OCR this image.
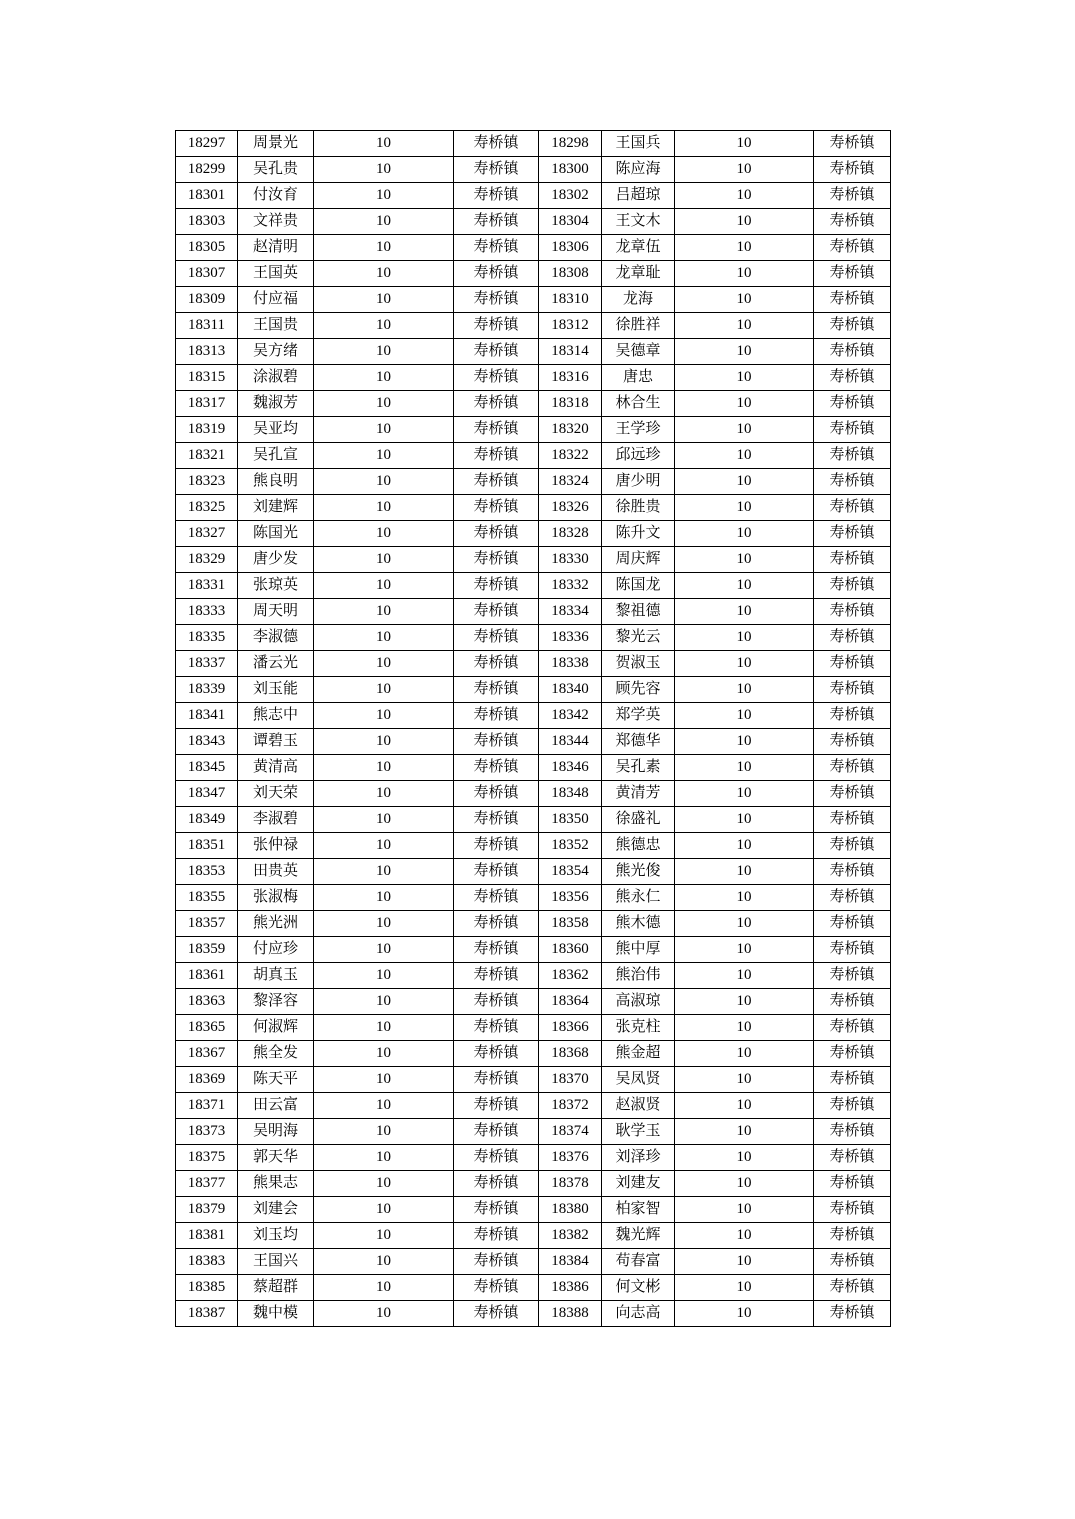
18297	周景光	10	寿桥镇	18298	王国兵	10	寿桥镇
18299	吴孔贵	10	寿桥镇	18300	陈应海	10	寿桥镇
18301	付汝育	10	寿桥镇	18302	吕超琼	10	寿桥镇
18303	文祥贵	10	寿桥镇	18304	王文木	10	寿桥镇
18305	赵清明	10	寿桥镇	18306	龙章伍	10	寿桥镇
18307	王国英	10	寿桥镇	18308	龙章耻	10	寿桥镇
18309	付应福	10	寿桥镇	18310	龙海	10	寿桥镇
18311	王国贵	10	寿桥镇	18312	徐胜祥	10	寿桥镇
18313	吴方绪	10	寿桥镇	18314	吴德章	10	寿桥镇
18315	涂淑碧	10	寿桥镇	18316	唐忠	10	寿桥镇
18317	魏淑芳	10	寿桥镇	18318	林合生	10	寿桥镇
18319	吴亚均	10	寿桥镇	18320	王学珍	10	寿桥镇
18321	吴孔宣	10	寿桥镇	18322	邱远珍	10	寿桥镇
18323	熊良明	10	寿桥镇	18324	唐少明	10	寿桥镇
18325	刘建辉	10	寿桥镇	18326	徐胜贵	10	寿桥镇
18327	陈国光	10	寿桥镇	18328	陈升文	10	寿桥镇
18329	唐少发	10	寿桥镇	18330	周庆辉	10	寿桥镇
18331	张琼英	10	寿桥镇	18332	陈国龙	10	寿桥镇
18333	周天明	10	寿桥镇	18334	黎祖德	10	寿桥镇
18335	李淑德	10	寿桥镇	18336	黎光云	10	寿桥镇
18337	潘云光	10	寿桥镇	18338	贺淑玉	10	寿桥镇
18339	刘玉能	10	寿桥镇	18340	顾先容	10	寿桥镇
18341	熊志中	10	寿桥镇	18342	郑学英	10	寿桥镇
18343	谭碧玉	10	寿桥镇	18344	郑德华	10	寿桥镇
18345	黄清高	10	寿桥镇	18346	吴孔素	10	寿桥镇
18347	刘天荣	10	寿桥镇	18348	黄清芳	10	寿桥镇
18349	李淑碧	10	寿桥镇	18350	徐盛礼	10	寿桥镇
18351	张仲禄	10	寿桥镇	18352	熊德忠	10	寿桥镇
18353	田贵英	10	寿桥镇	18354	熊光俊	10	寿桥镇
18355	张淑梅	10	寿桥镇	18356	熊永仁	10	寿桥镇
18357	熊光洲	10	寿桥镇	18358	熊木德	10	寿桥镇
18359	付应珍	10	寿桥镇	18360	熊中厚	10	寿桥镇
18361	胡真玉	10	寿桥镇	18362	熊治伟	10	寿桥镇
18363	黎泽容	10	寿桥镇	18364	高淑琼	10	寿桥镇
18365	何淑辉	10	寿桥镇	18366	张克柱	10	寿桥镇
18367	熊全发	10	寿桥镇	18368	熊金超	10	寿桥镇
18369	陈天平	10	寿桥镇	18370	吴凤贤	10	寿桥镇
18371	田云富	10	寿桥镇	18372	赵淑贤	10	寿桥镇
18373	吴明海	10	寿桥镇	18374	耿学玉	10	寿桥镇
18375	郭天华	10	寿桥镇	18376	刘泽珍	10	寿桥镇
18377	熊果志	10	寿桥镇	18378	刘建友	10	寿桥镇
18379	刘建会	10	寿桥镇	18380	柏家智	10	寿桥镇
18381	刘玉均	10	寿桥镇	18382	魏光辉	10	寿桥镇
18383	王国兴	10	寿桥镇	18384	苟春富	10	寿桥镇
18385	蔡超群	10	寿桥镇	18386	何文彬	10	寿桥镇
18387	魏中模	10	寿桥镇	18388	向志高	10	寿桥镇
